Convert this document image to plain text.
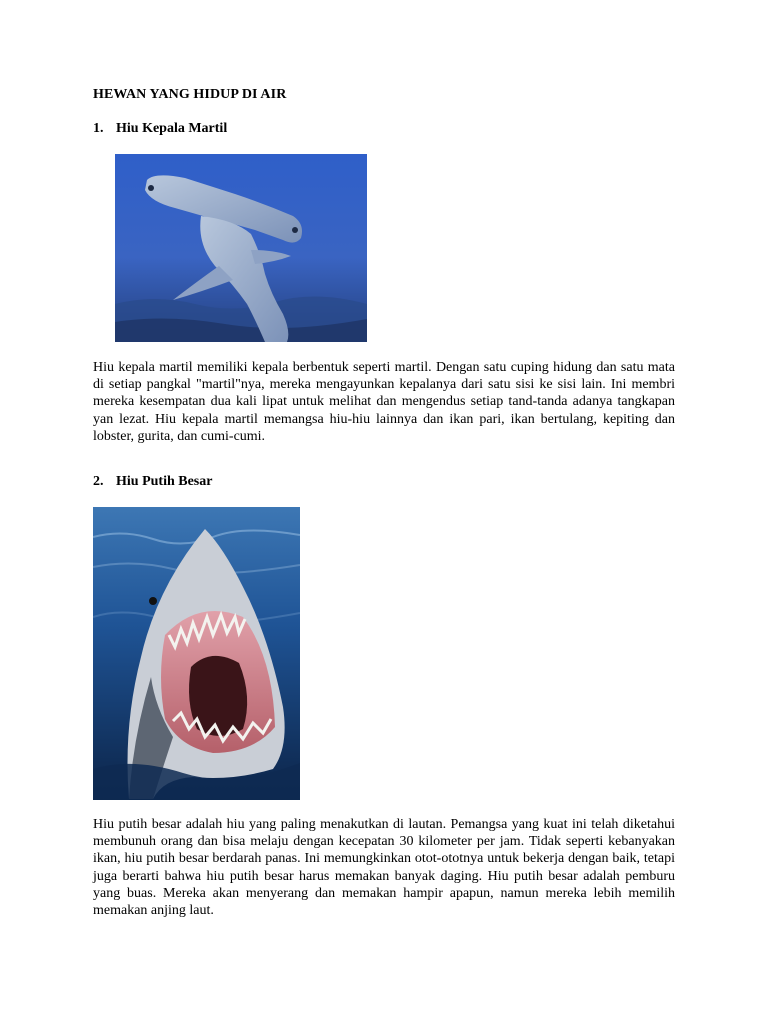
HEWAN YANG HIDUP DI AIR
1. Hiu Kepala Martil

Hiu kepala martil memiliki kepala berbentuk seperti martil. Dengan satu cuping hidung dan satu mata di setiap pangkal "martil"nya, mereka mengayunkan kepalanya dari satu sisi ke sisi lain. Ini membri mereka kesempatan dua kali lipat untuk melihat dan mengendus setiap tand-tanda adanya tangkapan yan lezat. Hiu kepala martil memangsa hiu-hiu lainnya dan ikan pari, ikan bertulang, kepiting dan lobster, gurita, dan cumi-cumi.

2. Hiu Putih Besar

Hiu putih besar adalah hiu yang paling menakutkan di lautan. Pemangsa yang kuat ini telah diketahui membunuh orang dan bisa melaju dengan kecepatan 30 kilometer per jam. Tidak seperti kebanyakan ikan, hiu putih besar berdarah panas. Ini memungkinkan otot-ototnya untuk bekerja dengan baik, tetapi juga berarti bahwa hiu putih besar harus memakan banyak daging. Hiu putih besar adalah pemburu yang buas. Mereka akan menyerang dan memakan hampir apapun, namun mereka lebih memilih memakan anjing laut.
